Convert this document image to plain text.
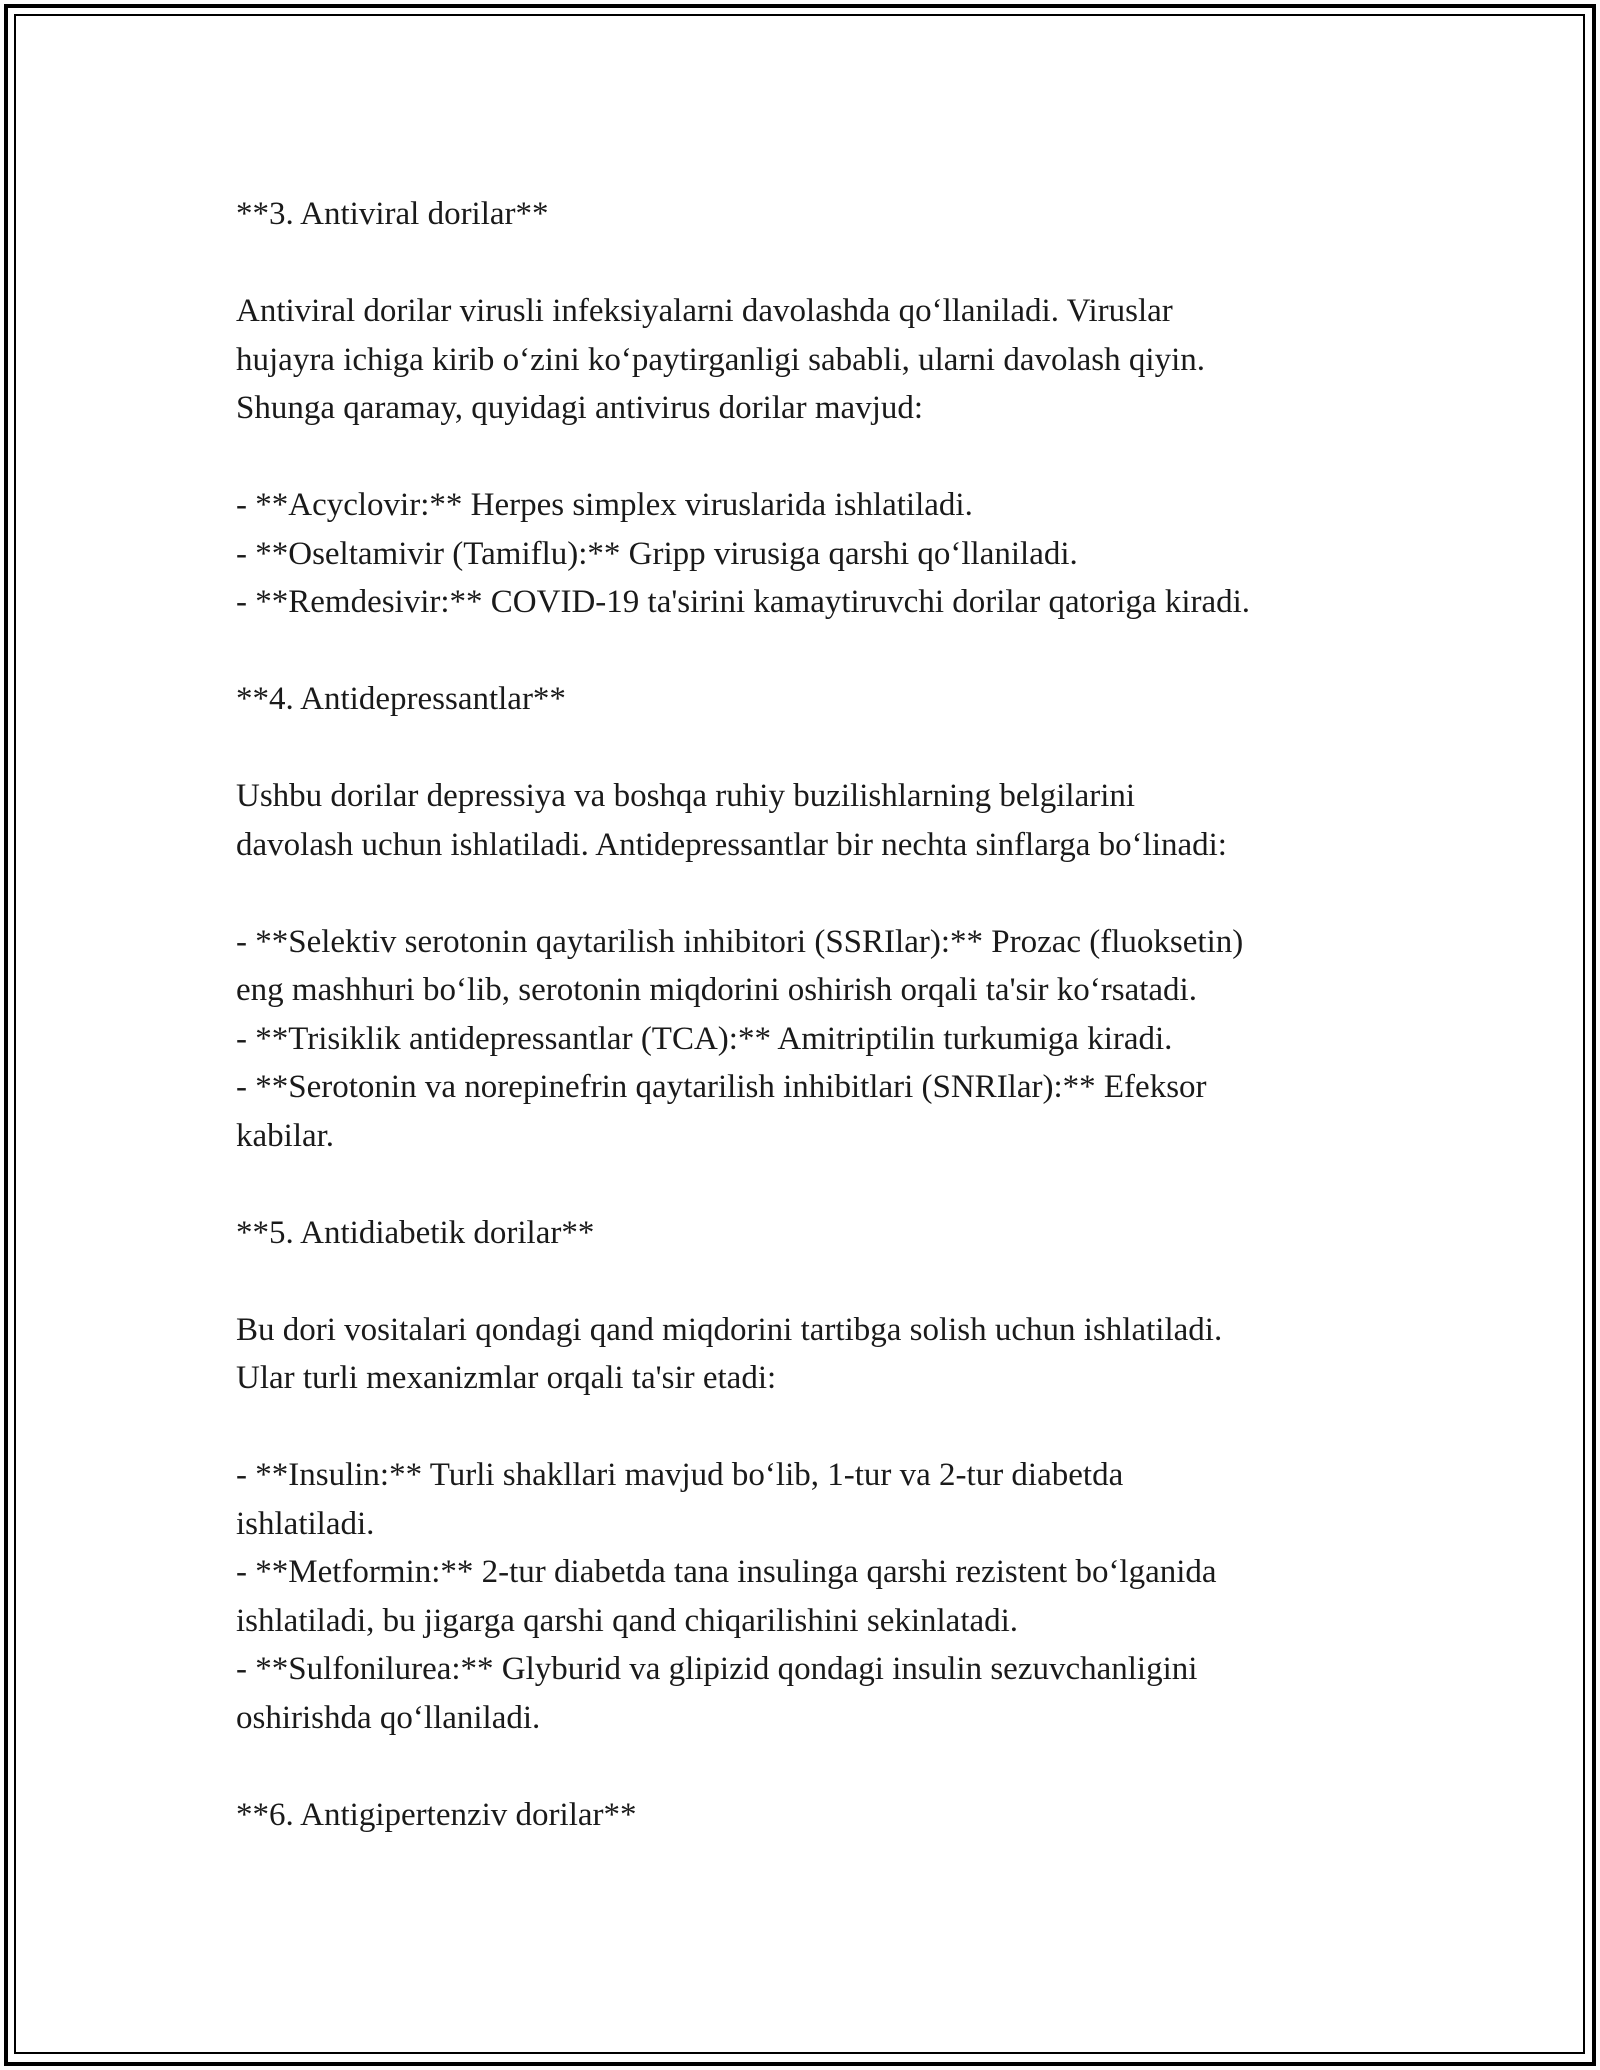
**3. Antiviral dorilar**

Antiviral dorilar virusli infeksiyalarni davolashda qo‘llaniladi. Viruslar

hujayra ichiga kirib o‘zini ko‘paytirganligi sababli, ularni davolash qiyin.

Shunga qaramay, quyidagi antivirus dorilar mavjud:

- **Acyclovir:** Herpes simplex viruslarida ishlatiladi.

- **Oseltamivir (Tamiflu):** Gripp virusiga qarshi qo‘llaniladi.

- **Remdesivir:** COVID-19 ta'sirini kamaytiruvchi dorilar qatoriga kiradi.

**4. Antidepressantlar**

Ushbu dorilar depressiya va boshqa ruhiy buzilishlarning belgilarini

davolash uchun ishlatiladi. Antidepressantlar bir nechta sinflarga bo‘linadi:

- **Selektiv serotonin qaytarilish inhibitori (SSRIlar):** Prozac (fluoksetin)

eng mashhuri bo‘lib, serotonin miqdorini oshirish orqali ta'sir ko‘rsatadi.

- **Trisiklik antidepressantlar (TCA):** Amitriptilin turkumiga kiradi.

- **Serotonin va norepinefrin qaytarilish inhibitlari (SNRIlar):** Efeksor

kabilar.

**5. Antidiabetik dorilar**

Bu dori vositalari qondagi qand miqdorini tartibga solish uchun ishlatiladi.

Ular turli mexanizmlar orqali ta'sir etadi:

- **Insulin:** Turli shakllari mavjud bo‘lib, 1-tur va 2-tur diabetda

ishlatiladi.

- **Metformin:** 2-tur diabetda tana insulinga qarshi rezistent bo‘lganida

ishlatiladi, bu jigarga qarshi qand chiqarilishini sekinlatadi.

- **Sulfonilurea:** Glyburid va glipizid qondagi insulin sezuvchanligini

oshirishda qo‘llaniladi.

**6. Antigipertenziv dorilar**
